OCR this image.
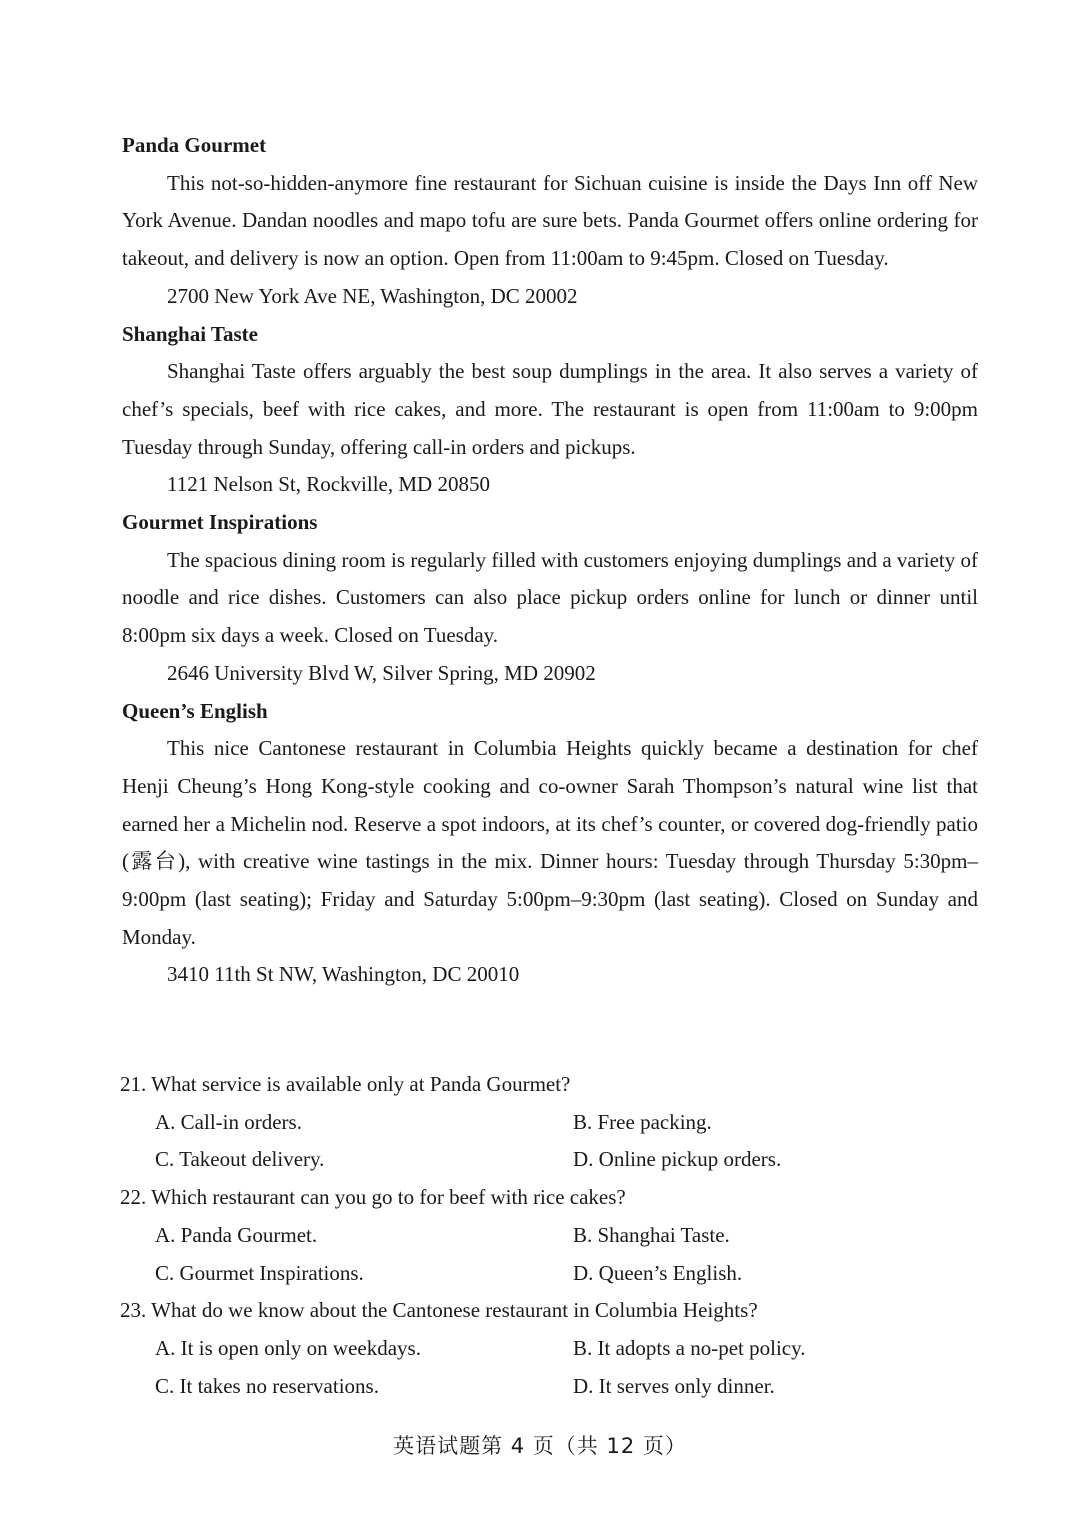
Panda Gourmet

This not-so-hidden-anymore fine restaurant for Sichuan cuisine is inside the Days Inn off New York Avenue. Dandan noodles and mapo tofu are sure bets. Panda Gourmet offers online ordering for takeout, and delivery is now an option. Open from 11:00am to 9:45pm. Closed on Tuesday.

2700 New York Ave NE, Washington, DC 20002

Shanghai Taste

Shanghai Taste offers arguably the best soup dumplings in the area. It also serves a variety of chef’s specials, beef with rice cakes, and more. The restaurant is open from 11:00am to 9:00pm Tuesday through Sunday, offering call-in orders and pickups.

1121 Nelson St, Rockville, MD 20850

Gourmet Inspirations

The spacious dining room is regularly filled with customers enjoying dumplings and a variety of noodle and rice dishes. Customers can also place pickup orders online for lunch or dinner until 8:00pm six days a week. Closed on Tuesday.

2646 University Blvd W, Silver Spring, MD 20902

Queen’s English

This nice Cantonese restaurant in Columbia Heights quickly became a destination for chef Henji Cheung’s Hong Kong-style cooking and co-owner Sarah Thompson’s natural wine list that earned her a Michelin nod. Reserve a spot indoors, at its chef’s counter, or covered dog-friendly patio (露台), with creative wine tastings in the mix. Dinner hours: Tuesday through Thursday 5:30pm–9:00pm (last seating); Friday and Saturday 5:00pm–9:30pm (last seating). Closed on Sunday and Monday.

3410 11th St NW, Washington, DC 20010

21. What service is available only at Panda Gourmet?

A. Call-in orders.	B. Free packing.
C. Takeout delivery.	D. Online pickup orders.

22. Which restaurant can you go to for beef with rice cakes?

A. Panda Gourmet.	B. Shanghai Taste.
C. Gourmet Inspirations.	D. Queen’s English.

23. What do we know about the Cantonese restaurant in Columbia Heights?

A. It is open only on weekdays.	B. It adopts a no-pet policy.
C. It takes no reservations.	D. It serves only dinner.
英语试题第 4 页（共 12 页）
